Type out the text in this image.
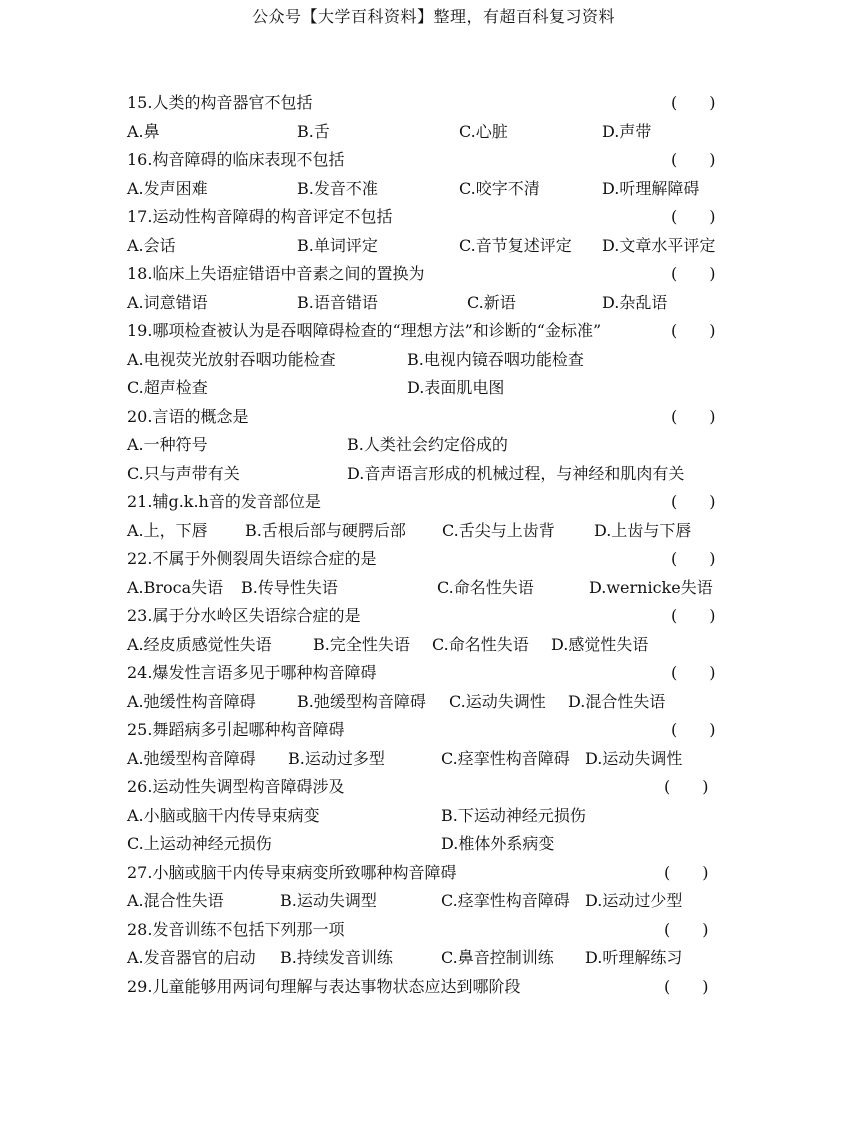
公众号【大学百科资料】整理，有超百科复习资料
15.人类的构音器官不包括	(　　)
A.鼻	B.舌	C.心脏	D.声带
16.构音障碍的临床表现不包括	(　　)
A.发声困难	B.发音不准	C.咬字不清	D.听理解障碍
17.运动性构音障碍的构音评定不包括	(　　)
A.会话	B.单词评定	C.音节复述评定 D.文章水平评定
18.临床上失语症错语中音素之间的置换为	(　　)
A.词意错语	B.语音错语	C.新语	D.杂乱语
19.哪项检查被认为是吞咽障碍检查的“理想方法”和诊断的“金标准”	(　　)
A.电视荧光放射吞咽功能检查	B.电视内镜吞咽功能检查
C.超声检查	D.表面肌电图
20.言语的概念是	(　　)
A.一种符号	B.人类社会约定俗成的
C.只与声带有关	D.音声语言形成的机械过程，与神经和肌肉有关
21.辅g.k.h音的发音部位是	(　　)
A.上，下唇 B.舌根后部与硬腭后部 C.舌尖与上齿背 D.上齿与下唇
22.不属于外侧裂周失语综合症的是	(　　)
A.Broca失语 B.传导性失语	C.命名性失语	D.wernicke失语
23.属于分水岭区失语综合症的是	(　　)
A.经皮质感觉性失语	B.完全性失语 C.命名性失语 D.感觉性失语
24.爆发性言语多见于哪种构音障碍	(　　)
A.弛缓性构音障碍	B.弛缓型构音障碍 C.运动失调性 D.混合性失语
25.舞蹈病多引起哪种构音障碍	(　　)
A.弛缓型构音障碍 B.运动过多型	C.痉挛性构音障碍 D.运动失调性
26.运动性失调型构音障碍涉及	(　　)
A.小脑或脑干内传导束病变	B.下运动神经元损伤
C.上运动神经元损伤	D.椎体外系病变
27.小脑或脑干内传导束病变所致哪种构音障碍	(　　)
A.混合性失语	B.运动失调型	C.痉挛性构音障碍 D.运动过少型
28.发音训练不包括下列那一项	(　　)
A.发音器官的启动 B.持续发音训练	C.鼻音控制训练 D.听理解练习
29.儿童能够用两词句理解与表达事物状态应达到哪阶段	(　　)
